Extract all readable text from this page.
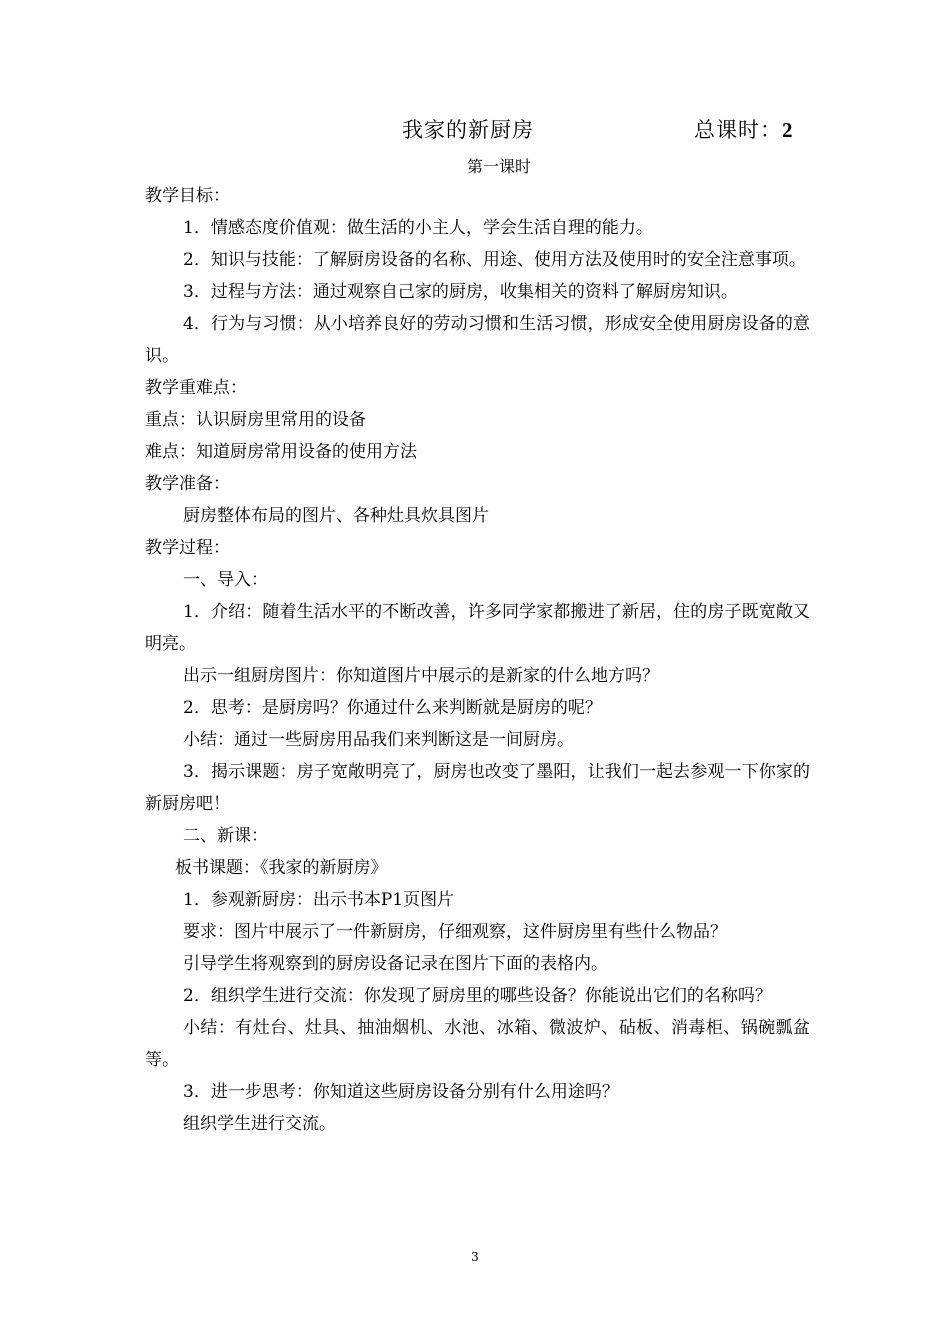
我家的新厨房	总课时：2
第一课时

教学目标：

1．情感态度价值观：做生活的小主人，学会生活自理的能力。

2．知识与技能：了解厨房设备的名称、用途、使用方法及使用时的安全注意事项。

3．过程与方法：通过观察自己家的厨房，收集相关的资料了解厨房知识。

4．行为与习惯：从小培养良好的劳动习惯和生活习惯，形成安全使用厨房设备的意识。

教学重难点：

重点：认识厨房里常用的设备

难点：知道厨房常用设备的使用方法

教学准备：

厨房整体布局的图片、各种灶具炊具图片

教学过程：

一、导入：

1．介绍：随着生活水平的不断改善，许多同学家都搬进了新居，住的房子既宽敞又明亮。

出示一组厨房图片：你知道图片中展示的是新家的什么地方吗？

2．思考：是厨房吗？你通过什么来判断就是厨房的呢？

小结：通过一些厨房用品我们来判断这是一间厨房。

3．揭示课题：房子宽敞明亮了，厨房也改变了墨阳，让我们一起去参观一下你家的新厨房吧！

二、新课：

板书课题：《我家的新厨房》

1．参观新厨房：出示书本P1页图片

要求：图片中展示了一件新厨房，仔细观察，这件厨房里有些什么物品？

引导学生将观察到的厨房设备记录在图片下面的表格内。

2．组织学生进行交流：你发现了厨房里的哪些设备？你能说出它们的名称吗？

小结：有灶台、灶具、抽油烟机、水池、冰箱、微波炉、砧板、消毒柜、锅碗瓢盆等。

3．进一步思考：你知道这些厨房设备分别有什么用途吗？

组织学生进行交流。

3
